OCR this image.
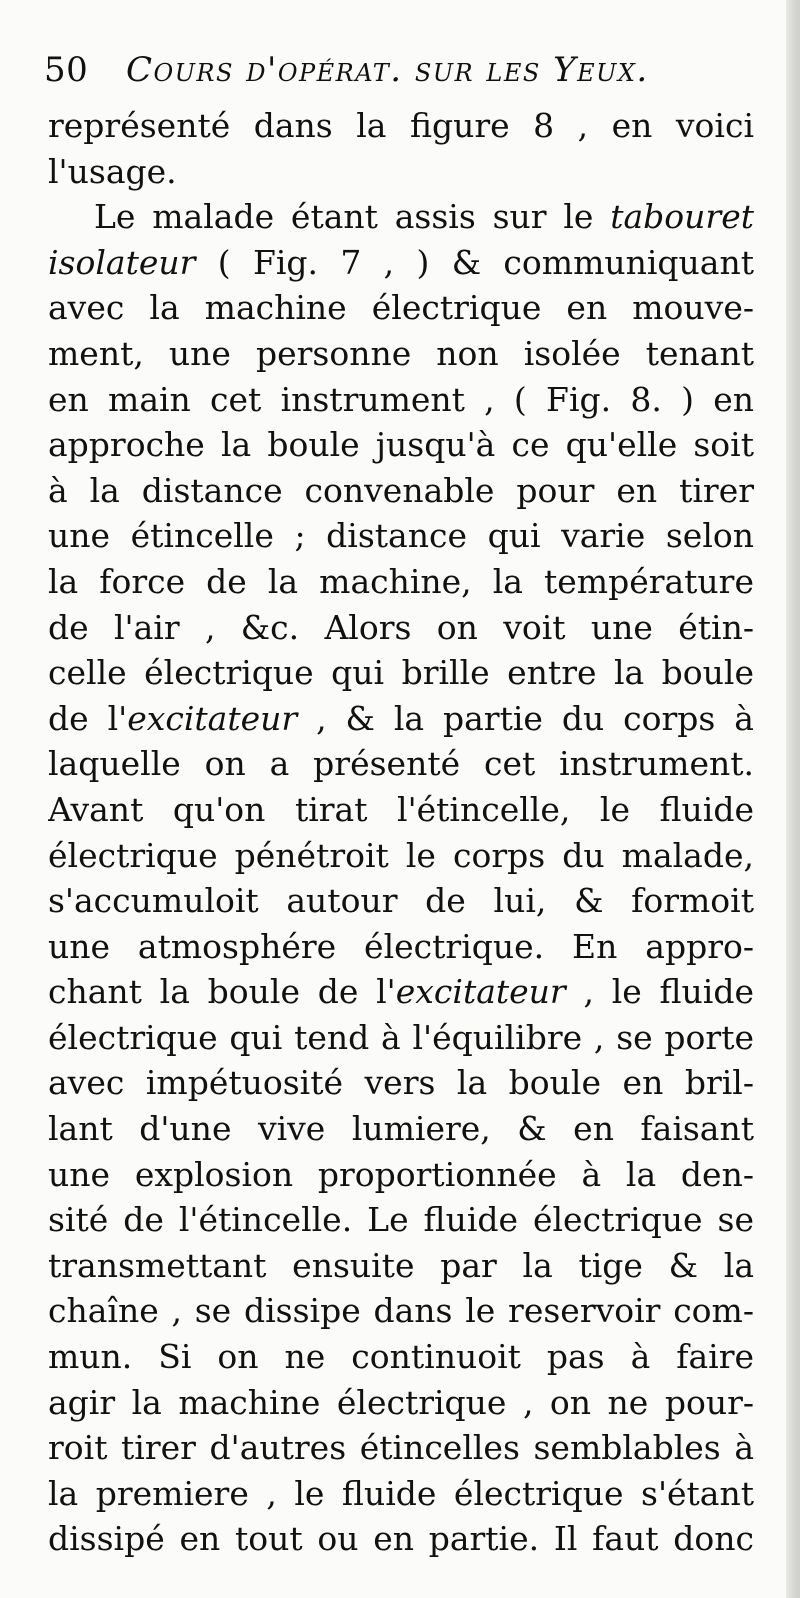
50 Cours d'opérat. sur les Yeux.
représenté dans la figure 8 , en voici
l'usage.
Le malade étant assis sur le tabouret
isolateur ( Fig. 7 , ) & communiquant
avec la machine électrique en mouve-
ment, une personne non isolée tenant
en main cet instrument , ( Fig. 8. ) en
approche la boule jusqu'à ce qu'elle soit
à la distance convenable pour en tirer
une étincelle ; distance qui varie selon
la force de la machine, la température
de l'air , &c. Alors on voit une étin-
celle électrique qui brille entre la boule
de l'excitateur , & la partie du corps à
laquelle on a présenté cet instrument.
Avant qu'on tirat l'étincelle, le fluide
électrique pénétroit le corps du malade,
s'accumuloit autour de lui, & formoit
une atmosphére électrique. En appro-
chant la boule de l'excitateur , le fluide
électrique qui tend à l'équilibre , se porte
avec impétuosité vers la boule en bril-
lant d'une vive lumiere, & en faisant
une explosion proportionnée à la den-
sité de l'étincelle. Le fluide électrique se
transmettant ensuite par la tige & la
chaîne , se dissipe dans le reservoir com-
mun. Si on ne continuoit pas à faire
agir la machine électrique , on ne pour-
roit tirer d'autres étincelles semblables à
la premiere , le fluide électrique s'étant
dissipé en tout ou en partie. Il faut donc
